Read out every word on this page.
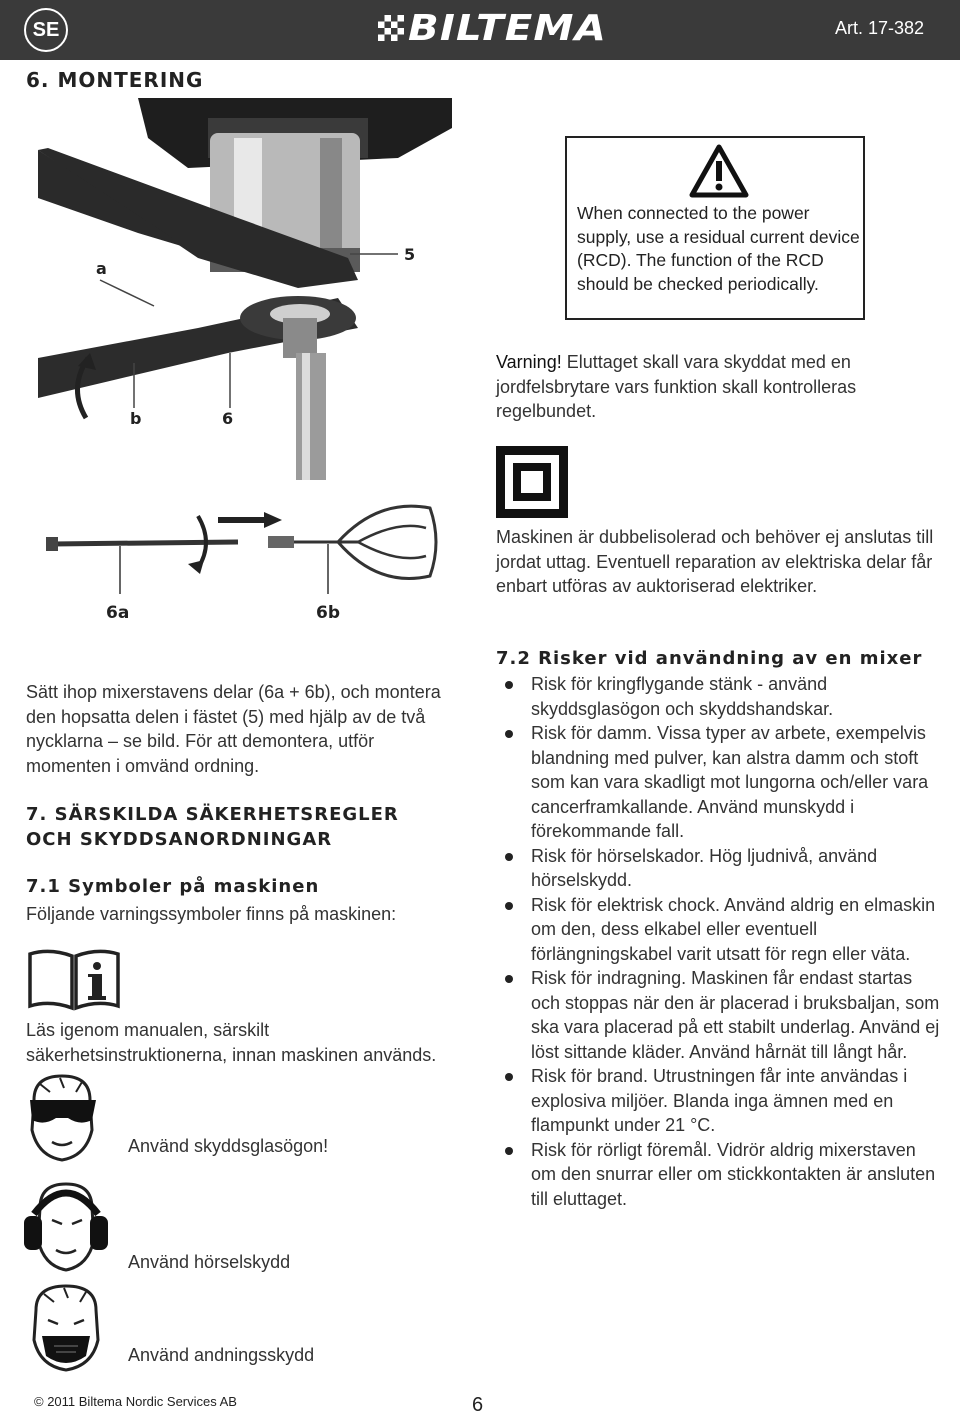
SE	BILTEMA	Art. 17-382
6. MONTERING
a
5
b	6
6a	6b
Sätt ihop mixerstavens delar (6a + 6b), och montera den hopsatta delen i fästet (5) med hjälp av de två nycklarna – se bild. För att demontera, utför momenten i omvänd ordning.
7. SÄRSKILDA SÄKERHETSREGLER
OCH SKYDDSANORDNINGAR
7.1 Symboler på maskinen
Följande varningssymboler finns på maskinen:
Läs igenom manualen, särskilt säkerhetsinstruktionerna, innan maskinen används.
Använd skyddsglasögon!
Använd hörselskydd
Använd andningsskydd
When connected to the power supply, use a residual current device (RCD). The function of the RCD should be checked periodically.
Varning! Eluttaget skall vara skyddat med en jordfelsbrytare vars funktion skall kontrolleras regelbundet.
Maskinen är dubbelisolerad och behöver ej anslutas till jordat uttag. Eventuell reparation av elektriska delar får enbart utföras av auktoriserad elektriker.
7.2 Risker vid användning av en mixer
Risk för kringflygande stänk - använd skyddsglasögon och skyddshandskar.
Risk för damm. Vissa typer av arbete, exempelvis blandning med pulver, kan alstra damm och stoft som kan vara skadligt mot lungorna och/eller vara cancerframkallande. Använd munskydd i förekommande fall.
Risk för hörselskador. Hög ljudnivå, använd hörselskydd.
Risk för elektrisk chock. Använd aldrig en elmaskin om den, dess elkabel eller eventuell förlängningskabel varit utsatt för regn eller väta.
Risk för indragning. Maskinen får endast startas och stoppas när den är placerad i bruksbaljan, som ska vara placerad på ett stabilt underlag. Använd ej löst sittande kläder. Använd hårnät till långt hår.
Risk för brand. Utrustningen får inte användas i explosiva miljöer. Blanda inga ämnen med en flampunkt under 21 °C.
Risk för rörligt föremål. Vidrör aldrig mixerstaven om den snurrar eller om stickkontakten är ansluten till eluttaget.
© 2011 Biltema Nordic Services AB	6
